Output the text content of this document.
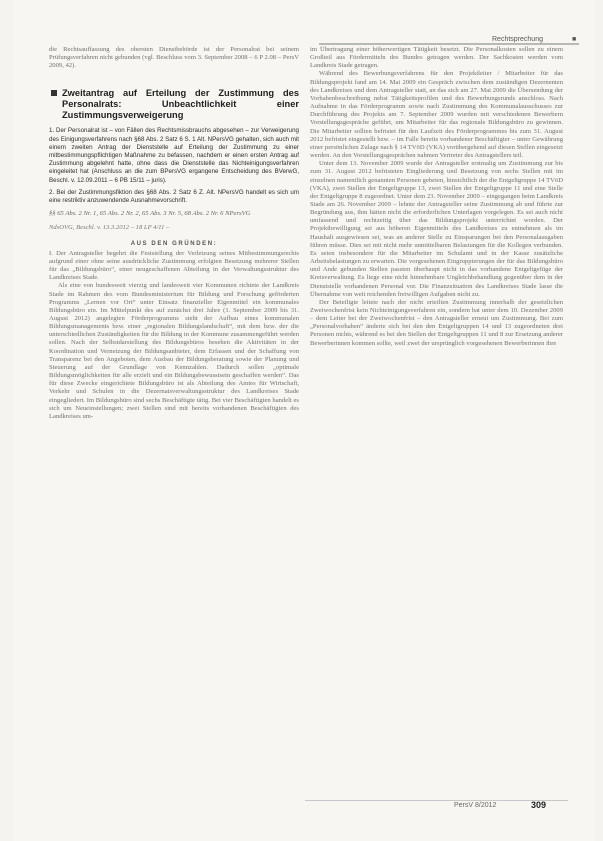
Rechtsprechung	■

die Rechtsauffassung des obersten Dienstbehörde ist der Personalrat bei seinem Prüfungsverfahren nicht gebunden (vgl. Beschluss vom 3. September 2008 – 6 P 2.08 – PersV 2009, 42).

Zweitantrag auf Erteilung der Zustimmung des Personalrats: Unbeachtlichkeit einer Zustimmungsverweigerung

1. Der Personalrat ist – von Fällen des Rechtsmissbrauchs abgesehen – zur Verweigerung des Einigungsverfahrens nach §68 Abs. 2 Satz 6 S. 1 Alt. NPersVG gehalten, sich auch mit einem zweiten Antrag der Dienststelle auf Erteilung der Zustimmung zu einer mitbestimmungspflichtigen Maßnahme zu befassen, nachdem er einen ersten Antrag auf Zustimmung abgelehnt hatte, ohne dass die Dienststelle das Nichteinigungsverfahren eingeleitet hat (Anschluss an die zum BPersVG ergangene Entscheidung des BVerwG, Beschl. v. 12.09.2011 – 6 PB 15/11 – juris).

2. Bei der Zustimmungsfiktion des §68 Abs. 2 Satz 6 Z. Alt. NPersVG handelt es sich um eine restriktiv anzuwendende Ausnahmevorschrift.

§§ 65 Abs. 2 Nr. 1, 65 Abs. 2 Nr. 2, 65 Abs. 3 Nr. 5, 68 Abs. 2 Nr. 6 NPersVG

NdsOVG, Beschl. v. 13.3.2012 – 18 LP 4/11 –

AUS DEN GRÜNDEN:

I. Der Antragsteller begehrt die Feststellung der Verletzung seines Mitbestimmungsrechts aufgrund einer ohne seine ausdrückliche Zustimmung erfolgten Besetzung mehrerer Stellen für das „Bildungsbüro“, einer neugeschaffenen Abteilung in der Verwaltungsstruktur des Landkreises Stade.

Als eine von bundesweit vierzig und landesweit vier Kommunen richtete der Landkreis Stade im Rahmen des vom Bundesministerium für Bildung und Forschung geförderten Programms „Lernen vor Ort“ unter Einsatz finanzieller Eigenmittel ein kommunales Bildungsbüro ein. Im Mittelpunkt des auf zunächst drei Jahre (1. September 2009 bis 31. August 2012) angelegten Förderprogramms steht der Aufbau eines kommunalen Bildungsmanagements bzw. einer „regionalen Bildungslandschaft“, mit dem bzw. der die unterschiedlichen Zuständigkeiten für die Bildung in der Kommune zusammengeführt werden sollen. Nach der Selbstdarstellung des Bildungsbüros besehen die Aktivitäten in der Koordination und Vernetzung der Bildungsanbieter, dem Erfassen und der Schaffung von Transparenz bei den Angeboten, dem Ausbau der Bildungsberatung sowie der Planung und Steuerung auf der Grundlage von Kennzahlen. Dadurch sollen „optimale Bildungsmöglichkeiten für alle erzielt und ein Bildungsbewusstsein geschaffen werden“. Das für diese Zwecke eingerichtete Bildungsbüro ist als Abteilung des Amtes für Wirtschaft, Verkehr und Schulen in die Dezernatsverwaltungsstruktur des Landkreises Stade eingegliedert. Im Bildungsbüro sind sechs Beschäftigte tätig. Bei vier Beschäftigten handelt es sich um Neueinstellungen; zwei Stellen sind mit bereits vorhandenen Beschäftigten des Landkreises um-

im Übertragung einer höherwertigen Tätigkeit besetzt. Die Personalkosten sollen zu einem Großteil aus Fördermitteln des Bundes getragen werden. Der Sachkosten werden vom Landkreis Stade getragen.

Während des Bewerbungsverfahrens für den Projektleiter / Mitarbeiter für das Bildungsprojekt fand am 14. Mai 2009 ein Gespräch zwischen dem zuständigen Dezernenten des Landkreises und dem Antragsteller statt, an das sich am 27. Mai 2009 die Übersendung der Vorhabenbeschreibung nebst Tätigkeitsprofilen und des Bewerbungsrunds anschloss. Nach Aufnahme in das Förderprogramm sowie nach Zustimmung des Kommunalausschusses zur Durchführung des Projekts am 7. September 2009 wurden mit verschiedenen Bewerbern Vorstellungsgespräche geführt, um Mitarbeiter für das regionale Bildungsbüro zu gewinnen. Die Mitarbeiter sollten befristet für den Laufzeit des Förderprogrammes bis zum 31. August 2012 befristet eingestellt bzw. – im Falle bereits vorhandener Beschäftigter – unter Gewährung einer persönlichen Zulage nach § 14 TVöD (VKA) vorübergehend auf diesen Stellen eingesetzt werden. An den Vorstellungsgesprächen nahmen Vertreter des Antragstellers teil.

Unter dem 13. November 2009 wurde der Antragsteller erstmalig um Zustimmung zur bis zum 31. August 2012 befristeten Eingliederung und Besetzung von sechs Stellen mit im einzelnen namentlich genannten Personen gebeten, hinsichtlich der die Entgeltgruppe 14 TVöD (VKA), zwei Stellen der Entgeltgruppe 13, zwei Stellen der Entgeltgruppe 11 und eine Stelle der Entgeltgruppe 8 zugeordnet. Unter dem 23. November 2009 – eingegangen beim Landkreis Stade am 26. November 2009 – lehnte der Antragsteller seine Zustimmung ab und führte zur Begründung aus, ihm hätten nicht die erforderlichen Unterlagen vorgelegen. Es sei auch nicht umfassend und rechtzeitig über das Bildungsprojekt unterrichtet worden. Der Projektbewilligung sei aus höheren Eigenmitteln des Landkreises zu entnehmen als im Haushalt ausgewiesen sei, was an anderer Stelle zu Einsparungen bei den Personalausgaben führen müsse. Dies sei mit nicht mehr unmittelbaren Belastungen für die Kollegen verbunden. Es seien insbesondere für die Mitarbeiter im Schulamt und in der Kasse zusätzliche Arbeitsbelastungen zu erwarten. Die vorgesehenen Eingruppierungen der für das Bildungsbüro und Ande gebunden Stellen passten überhaupt nicht in das vorhandene Entgeltgefüge der Kreisverwaltung. Es liege eine nicht hinnehmbare Ungleichbehandlung gegenüber dem in der Dienststelle vorhandenen Personal vor. Die Finanzsituation des Landkreises Stade lasse die Übernahme von weit reichenden freiwilligen Aufgaben nicht zu.

Der Beteiligte leitete nach der nicht erteilten Zustimmung innerhalb der gesetzlichen Zweiwochenfrist kein Nichteinigungsverfahren ein, sondern bat unter dem 10. Dezember 2009 – dem Leiter bei der Zweiwochenfrist – den Antragsteller erneut um Zustimmung. Bei zum „Personalvorhaben“ änderte sich bei den den Entgeltgruppen 14 und 13 zugeordneten drei Personen nichts, während es bei den Stellen der Entgeltgruppen 11 und 8 zur Ersetzung anderer Bewerberinnen kommen sollte, weil zwei der ursprünglich vorgesehenen Bewerberinnen ihre

PersV 8/2012	309
